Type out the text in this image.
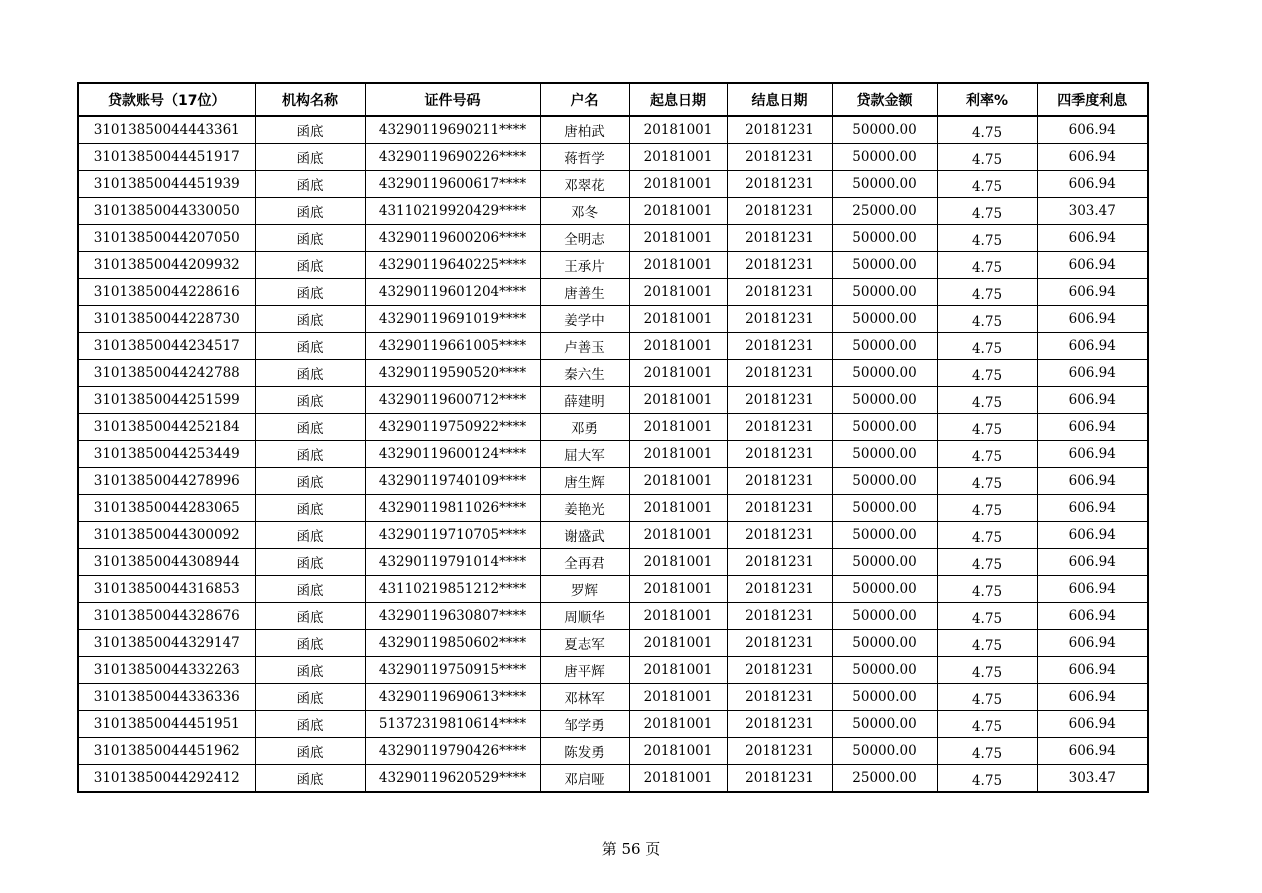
贷款账号（17位）	机构名称	证件号码	户名	起息日期	结息日期	贷款金额	利率%	四季度利息
31013850044443361	函底	43290119690211****	唐柏武	20181001	20181231	50000.00	4.75	606.94
31013850044451917	函底	43290119690226****	蒋哲学	20181001	20181231	50000.00	4.75	606.94
31013850044451939	函底	43290119600617****	邓翠花	20181001	20181231	50000.00	4.75	606.94
31013850044330050	函底	43110219920429****	邓冬	20181001	20181231	25000.00	4.75	303.47
31013850044207050	函底	43290119600206****	全明志	20181001	20181231	50000.00	4.75	606.94
31013850044209932	函底	43290119640225****	王承片	20181001	20181231	50000.00	4.75	606.94
31013850044228616	函底	43290119601204****	唐善生	20181001	20181231	50000.00	4.75	606.94
31013850044228730	函底	43290119691019****	姜学中	20181001	20181231	50000.00	4.75	606.94
31013850044234517	函底	43290119661005****	卢善玉	20181001	20181231	50000.00	4.75	606.94
31013850044242788	函底	43290119590520****	秦六生	20181001	20181231	50000.00	4.75	606.94
31013850044251599	函底	43290119600712****	薛建明	20181001	20181231	50000.00	4.75	606.94
31013850044252184	函底	43290119750922****	邓勇	20181001	20181231	50000.00	4.75	606.94
31013850044253449	函底	43290119600124****	屈大军	20181001	20181231	50000.00	4.75	606.94
31013850044278996	函底	43290119740109****	唐生辉	20181001	20181231	50000.00	4.75	606.94
31013850044283065	函底	43290119811026****	姜艳光	20181001	20181231	50000.00	4.75	606.94
31013850044300092	函底	43290119710705****	谢盛武	20181001	20181231	50000.00	4.75	606.94
31013850044308944	函底	43290119791014****	全再君	20181001	20181231	50000.00	4.75	606.94
31013850044316853	函底	43110219851212****	罗辉	20181001	20181231	50000.00	4.75	606.94
31013850044328676	函底	43290119630807****	周顺华	20181001	20181231	50000.00	4.75	606.94
31013850044329147	函底	43290119850602****	夏志军	20181001	20181231	50000.00	4.75	606.94
31013850044332263	函底	43290119750915****	唐平辉	20181001	20181231	50000.00	4.75	606.94
31013850044336336	函底	43290119690613****	邓林军	20181001	20181231	50000.00	4.75	606.94
31013850044451951	函底	51372319810614****	邹学勇	20181001	20181231	50000.00	4.75	606.94
31013850044451962	函底	43290119790426****	陈发勇	20181001	20181231	50000.00	4.75	606.94
31013850044292412	函底	43290119620529****	邓启哑	20181001	20181231	25000.00	4.75	303.47
第 56 页
